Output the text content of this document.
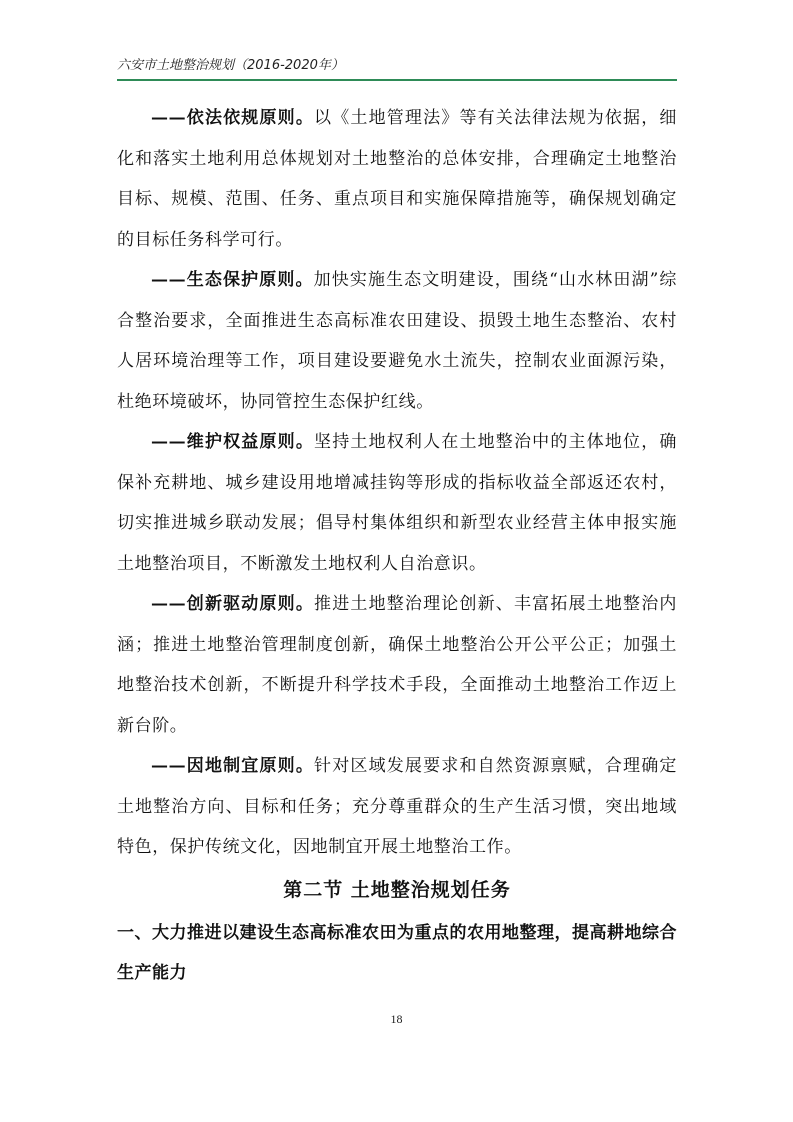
六安市土地整治规划（2016-2020年）

——依法依规原则。以《土地管理法》等有关法律法规为依据，细化和落实土地利用总体规划对土地整治的总体安排，合理确定土地整治目标、规模、范围、任务、重点项目和实施保障措施等，确保规划确定的目标任务科学可行。

——生态保护原则。加快实施生态文明建设，围绕“山水林田湖”综合整治要求，全面推进生态高标准农田建设、损毁土地生态整治、农村人居环境治理等工作，项目建设要避免水土流失，控制农业面源污染，杜绝环境破坏，协同管控生态保护红线。

——维护权益原则。坚持土地权利人在土地整治中的主体地位，确保补充耕地、城乡建设用地增减挂钩等形成的指标收益全部返还农村，切实推进城乡联动发展；倡导村集体组织和新型农业经营主体申报实施土地整治项目，不断激发土地权利人自治意识。

——创新驱动原则。推进土地整治理论创新、丰富拓展土地整治内涵；推进土地整治管理制度创新，确保土地整治公开公平公正；加强土地整治技术创新，不断提升科学技术手段，全面推动土地整治工作迈上新台阶。

——因地制宜原则。针对区域发展要求和自然资源禀赋，合理确定土地整治方向、目标和任务；充分尊重群众的生产生活习惯，突出地域特色，保护传统文化，因地制宜开展土地整治工作。

第二节 土地整治规划任务
一、大力推进以建设生态高标准农田为重点的农用地整理，提高耕地综合生产能力
18
